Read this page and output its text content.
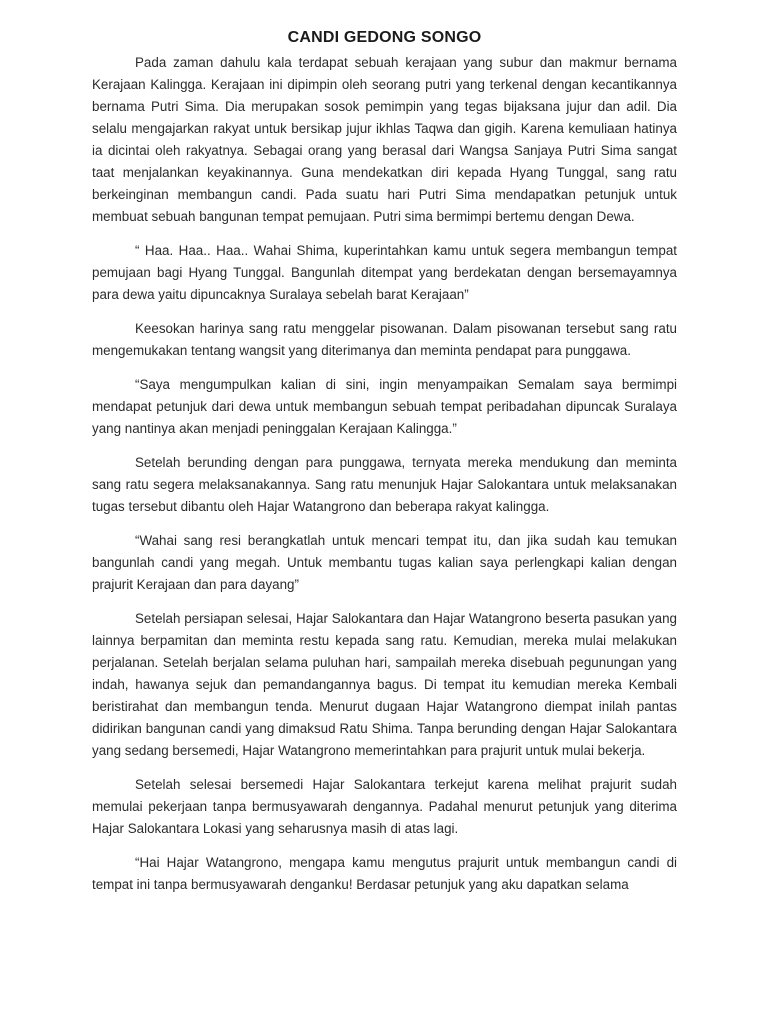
CANDI GEDONG SONGO

Pada zaman dahulu kala terdapat sebuah kerajaan yang subur dan makmur bernama Kerajaan Kalingga. Kerajaan ini dipimpin oleh seorang putri yang terkenal dengan kecantikannya bernama Putri Sima. Dia merupakan sosok pemimpin yang tegas bijaksana jujur dan adil. Dia selalu mengajarkan rakyat untuk bersikap jujur ikhlas Taqwa dan gigih. Karena kemuliaan hatinya ia dicintai oleh rakyatnya. Sebagai orang yang berasal dari Wangsa Sanjaya Putri Sima sangat taat menjalankan keyakinannya. Guna mendekatkan diri kepada Hyang Tunggal, sang ratu berkeinginan membangun candi. Pada suatu hari Putri Sima mendapatkan petunjuk untuk membuat sebuah bangunan tempat pemujaan. Putri sima bermimpi bertemu dengan Dewa.

“ Haa. Haa.. Haa.. Wahai Shima, kuperintahkan kamu untuk segera membangun tempat pemujaan bagi Hyang Tunggal. Bangunlah ditempat yang berdekatan dengan bersemayamnya para dewa yaitu dipuncaknya Suralaya sebelah barat Kerajaan”

Keesokan harinya sang ratu menggelar pisowanan. Dalam pisowanan tersebut sang ratu mengemukakan tentang wangsit yang diterimanya dan meminta pendapat para punggawa.

“Saya mengumpulkan kalian di sini, ingin menyampaikan Semalam saya bermimpi mendapat petunjuk dari dewa untuk membangun sebuah tempat peribadahan dipuncak Suralaya yang nantinya akan menjadi peninggalan Kerajaan Kalingga.”

Setelah berunding dengan para punggawa, ternyata mereka mendukung dan meminta sang ratu segera melaksanakannya. Sang ratu menunjuk Hajar Salokantara untuk melaksanakan tugas tersebut dibantu oleh Hajar Watangrono dan beberapa rakyat kalingga.

“Wahai sang resi berangkatlah untuk mencari tempat itu, dan jika sudah kau temukan bangunlah candi yang megah. Untuk membantu tugas kalian saya perlengkapi kalian dengan prajurit Kerajaan dan para dayang”

Setelah persiapan selesai, Hajar Salokantara dan Hajar Watangrono beserta pasukan yang lainnya berpamitan dan meminta restu kepada sang ratu. Kemudian, mereka mulai melakukan perjalanan. Setelah berjalan selama puluhan hari, sampailah mereka disebuah pegunungan yang indah, hawanya sejuk dan pemandangannya bagus. Di tempat itu kemudian mereka Kembali beristirahat dan membangun tenda. Menurut dugaan Hajar Watangrono diempat inilah pantas didirikan bangunan candi yang dimaksud Ratu Shima. Tanpa berunding dengan Hajar Salokantara yang sedang bersemedi, Hajar Watangrono memerintahkan para prajurit untuk mulai bekerja.

Setelah selesai bersemedi Hajar Salokantara terkejut karena melihat prajurit sudah memulai pekerjaan tanpa bermusyawarah dengannya. Padahal menurut petunjuk yang diterima Hajar Salokantara Lokasi yang seharusnya masih di atas lagi.

“Hai Hajar Watangrono, mengapa kamu mengutus prajurit untuk membangun candi di tempat ini tanpa bermusyawarah denganku! Berdasar petunjuk yang aku dapatkan selama
